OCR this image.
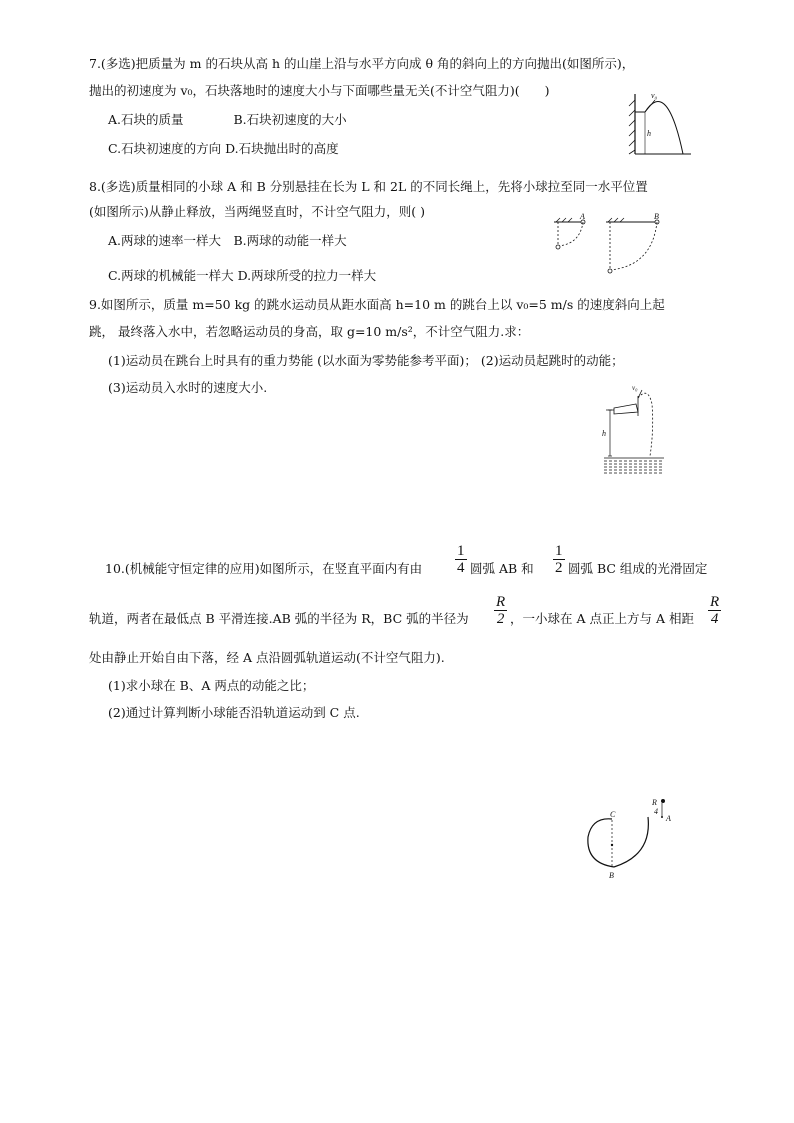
7.(多选)把质量为 m 的石块从高 h 的山崖上沿与水平方向成 θ 角的斜向上的方向抛出(如图所示)，
抛出的初速度为 v₀，石块落地时的速度大小与下面哪些量无关(不计空气阻力)(　　)
A.石块的质量　　　　B.石块初速度的大小
C.石块初速度的方向 D.石块抛出时的高度
v₀
h
8.(多选)质量相同的小球 A 和 B 分别悬挂在长为 L 和 2L 的不同长绳上，先将小球拉至同一水平位置
(如图所示)从静止释放，当两绳竖直时，不计空气阻力，则( )
A.两球的速率一样大　B.两球的动能一样大
C.两球的机械能一样大 D.两球所受的拉力一样大
A	B
9.如图所示，质量 m=50 kg 的跳水运动员从距水面高 h=10 m 的跳台上以 v₀=5 m/s 的速度斜向上起
跳， 最终落入水中，若忽略运动员的身高，取 g=10 m/s²，不计空气阻力.求：
(1)运动员在跳台上时具有的重力势能 (以水面为零势能参考平面)； (2)运动员起跳时的动能；
(3)运动员入水时的速度大小.	v₀
h
10.(机械能守恒定律的应用)如图所示，在竖直平面内有由 $\frac{1}{4}$ 圆弧 AB 和 $\frac{1}{2}$ 圆弧 BC 组成的光滑固定
轨道，两者在最低点 B 平滑连接.AB 弧的半径为 R，BC 弧的半径为 $\frac{R}{2}$ ，一小球在 A 点正上方与 A 相距 $\frac{R}{4}$
处由静止开始自由下落，经 A 点沿圆弧轨道运动(不计空气阻力).
(1)求小球在 B、A 两点的动能之比；
(2)通过计算判断小球能否沿轨道运动到 C 点.
R
4
A
B
C
